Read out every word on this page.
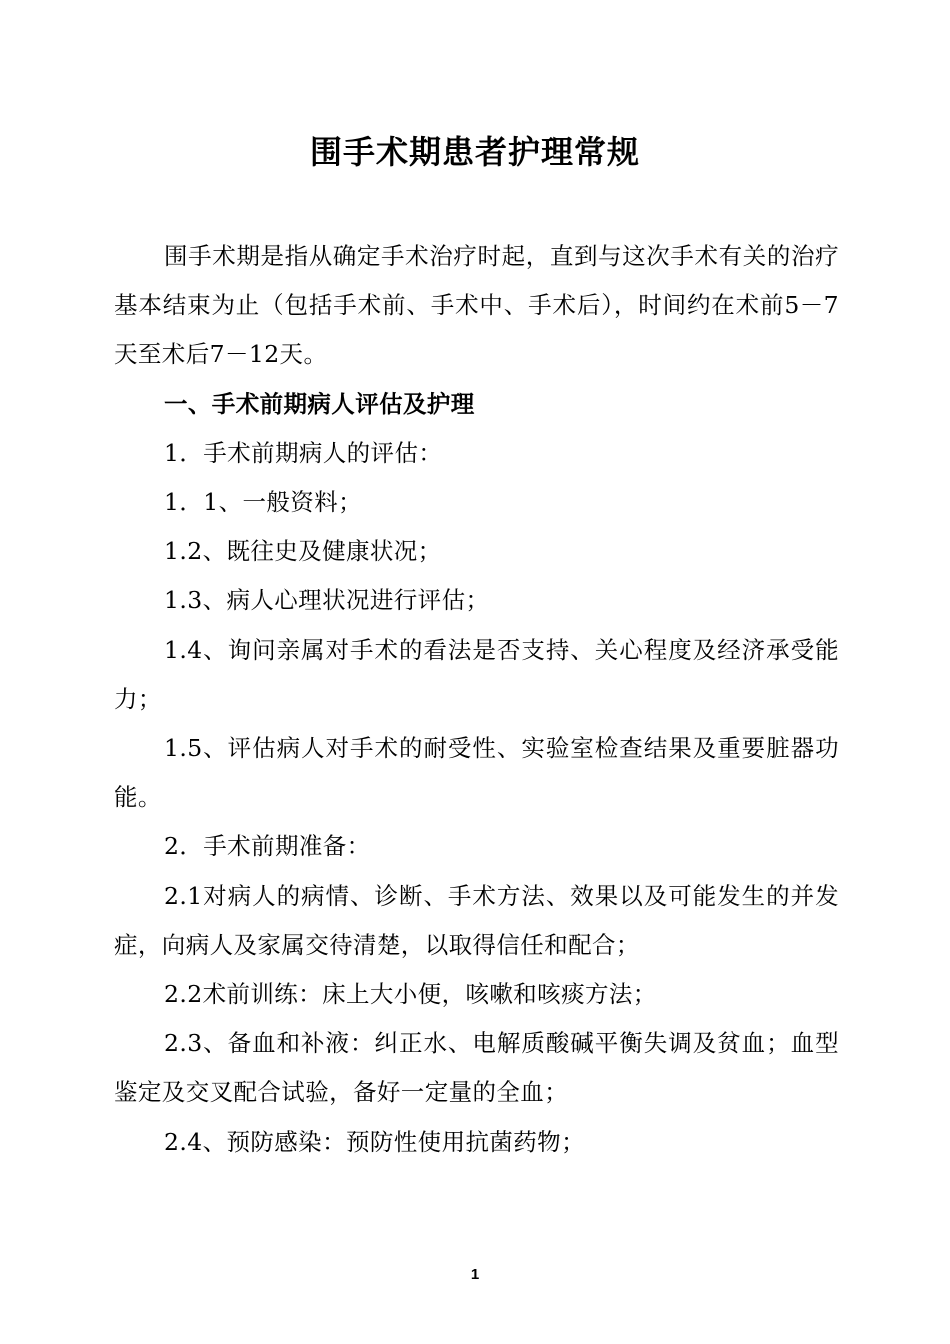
围手术期患者护理常规

围手术期是指从确定手术治疗时起，直到与这次手术有关的治疗基本结束为止（包括手术前、手术中、手术后），时间约在术前5－7天至术后7－12天。

一、手术前期病人评估及护理

1．手术前期病人的评估：

1．1、一般资料；

1.2、既往史及健康状况；

1.3、病人心理状况进行评估；

1.4、询问亲属对手术的看法是否支持、关心程度及经济承受能力；

1.5、评估病人对手术的耐受性、实验室检查结果及重要脏器功能。

2．手术前期准备：

2.1对病人的病情、诊断、手术方法、效果以及可能发生的并发症，向病人及家属交待清楚，以取得信任和配合；

2.2术前训练：床上大小便，咳嗽和咳痰方法；

2.3、备血和补液：纠正水、电解质酸碱平衡失调及贫血；血型鉴定及交叉配合试验，备好一定量的全血；

2.4、预防感染：预防性使用抗菌药物；

1
